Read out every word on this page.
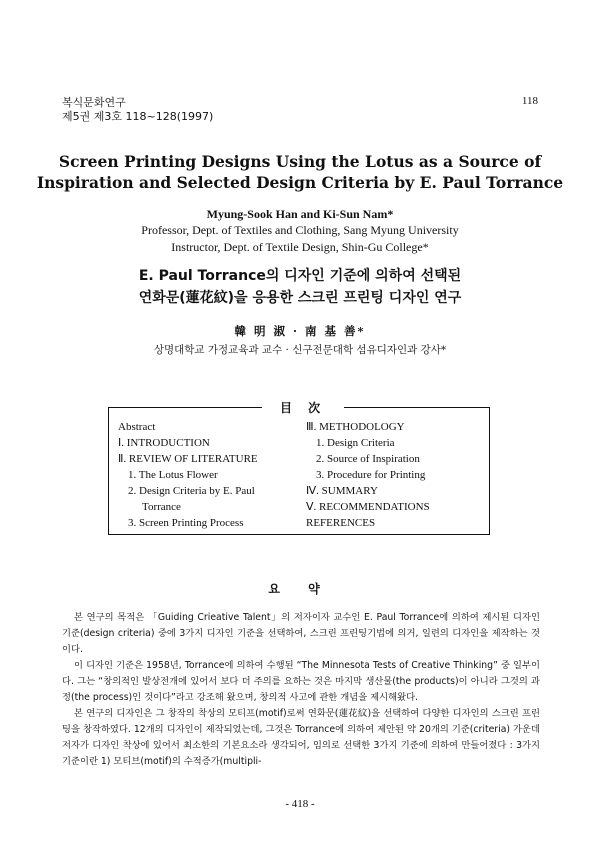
복식문화연구
제5권 제3호 118~128(1997)
118
Screen Printing Designs Using the Lotus as a Source of
Inspiration and Selected Design Criteria by E. Paul Torrance
Myung-Sook Han and Ki-Sun Nam*
Professor, Dept. of Textiles and Clothing, Sang Myung University
Instructor, Dept. of Textile Design, Shin-Gu College*
E. Paul Torrance의 디자인 기준에 의하여 선택된
연화문(蓮花紋)을 응용한 스크린 프린팅 디자인 연구
韓 明 淑 · 南 基 善*
상명대학교 가정교육과 교수 · 신구전문대학 섬유디자인과 강사*
目 次
Abstract
Ⅰ. INTRODUCTION
Ⅱ. REVIEW OF LITERATURE
1. The Lotus Flower
2. Design Criteria by E. Paul
Torrance
3. Screen Printing Process
Ⅲ. METHODOLOGY
1. Design Criteria
2. Source of Inspiration
3. Procedure for Printing
Ⅳ. SUMMARY
Ⅴ. RECOMMENDATIONS
REFERENCES
요 약

본 연구의 목적은 「Guiding Crieative Talent」의 저자이자 교수인 E. Paul Torrance에 의하여 제시된 디자인 기준(design criteria) 중에 3가지 디자인 기준을 선택하여, 스크린 프린팅기법에 의거, 일련의 디자인을 제작하는 것이다.

이 디자인 기준은 1958년, Torrance에 의하여 수행된 “The Minnesota Tests of Creative Thinking” 중 일부이다. 그는 “창의적인 발상전개에 있어서 보다 더 주의를 요하는 것은 마지막 생산물(the products)이 아니라 그것의 과정(the process)인 것이다”라고 강조해 왔으며, 창의적 사고에 관한 개념을 제시해왔다.

본 연구의 디자인은 그 창작의 착상의 모티프(motif)로써 연화문(蓮花紋)을 선택하여 다양한 디자인의 스크린 프린팅을 창작하였다. 12개의 디자인이 제작되었는데, 그것은 Torrance에 의하여 제안된 약 20개의 기준(criteria) 가운데 저자가 디자인 착상에 있어서 최소한의 기본요소라 생각되어, 임의로 선택한 3가지 기준에 의하여 만들어졌다 : 3가지 기준이란 1) 모티브(motif)의 수적증가(multipli-

- 418 -
